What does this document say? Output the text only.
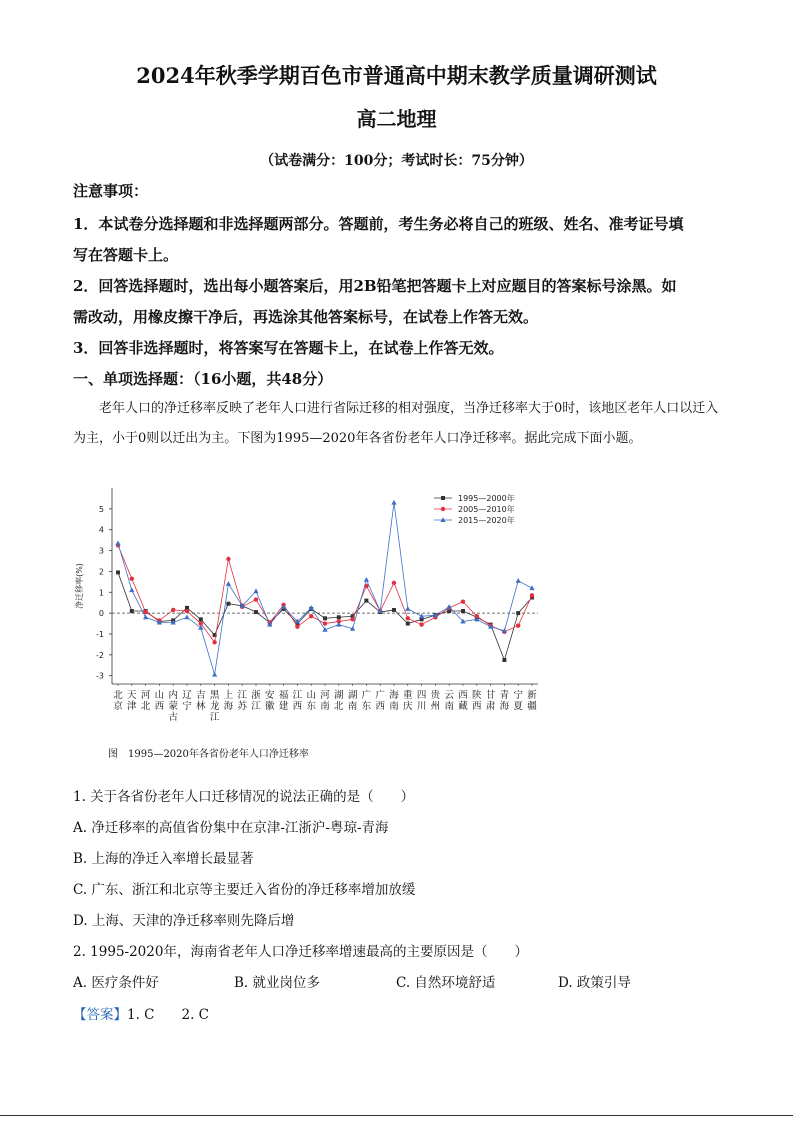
2024年秋季学期百色市普通高中期末教学质量调研测试
高二地理
（试卷满分：100分；考试时长：75分钟）
注意事项：
1．本试卷分选择题和非选择题两部分。答题前，考生务必将自己的班级、姓名、准考证号填
写在答题卡上。
2．回答选择题时，选出每小题答案后，用2B铅笔把答题卡上对应题目的答案标号涂黑。如
需改动，用橡皮擦干净后，再选涂其他答案标号，在试卷上作答无效。
3．回答非选择题时，将答案写在答题卡上，在试卷上作答无效。
一、单项选择题：（16小题，共48分）
老年人口的净迁移率反映了老年人口进行省际迁移的相对强度，当净迁移率大于0时，该地区老年人口以迁入为主，小于0则以迁出为主。下图为1995—2020年各省份老年人口净迁移率。据此完成下面小题。
5
4
3
2
1
0
-1
-2
-3
净迁移率(%)
北京
天津
河北
山西
内蒙古
辽宁
吉林
黑龙江
上海
江苏
浙江
安徽
福建
江西
山东
河南
湖北
湖南
广东
广西
海南
重庆
四川
贵州
云南
西藏
陕西
甘肃
青海
宁夏
新疆
1995—2000年
2005—2010年
2015—2020年
图　1995—2020年各省份老年人口净迁移率
1. 关于各省份老年人口迁移情况的说法正确的是（　　）
A. 净迁移率的高值省份集中在京津-江浙沪-粤琼-青海
B. 上海的净迁入率增长最显著
C. 广东、浙江和北京等主要迁入省份的净迁移率增加放缓
D. 上海、天津的净迁移率则先降后增
2. 1995-2020年，海南省老年人口净迁移率增速最高的主要原因是（　　）
A. 医疗条件好	B. 就业岗位多	C. 自然环境舒适	D. 政策引导
【答案】1. C　　2. C
